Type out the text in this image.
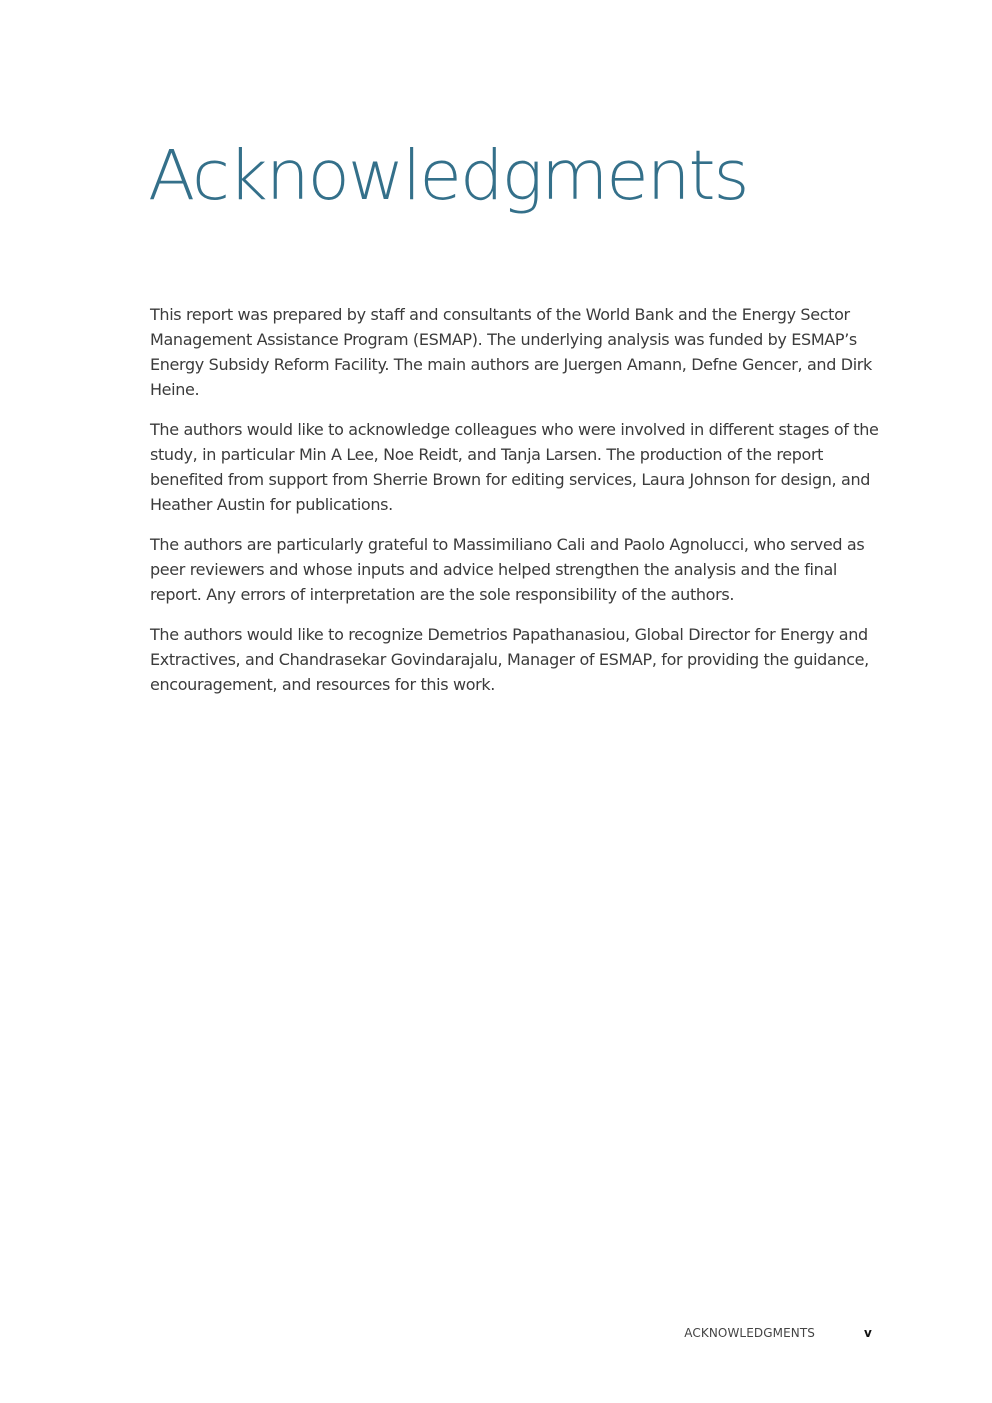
Acknowledgments

This report was prepared by staff and consultants of the World Bank and the Energy Sector Management Assistance Program (ESMAP). The underlying analysis was funded by ESMAP’s Energy Subsidy Reform Facility. The main authors are Juergen Amann, Defne Gencer, and Dirk Heine.

The authors would like to acknowledge colleagues who were involved in different stages of the study, in particular Min A Lee, Noe Reidt, and Tanja Larsen. The production of the report benefited from support from Sherrie Brown for editing services, Laura Johnson for design, and Heather Austin for publications.

The authors are particularly grateful to Massimiliano Cali and Paolo Agnolucci, who served as peer reviewers and whose inputs and advice helped strengthen the analysis and the final report. Any errors of interpretation are the sole responsibility of the authors.

The authors would like to recognize Demetrios Papathanasiou, Global Director for Energy and Extractives, and Chandrasekar Govindarajalu, Manager of ESMAP, for providing the guidance, encouragement, and resources for this work.

ACKNOWLEDGMENTS	v
